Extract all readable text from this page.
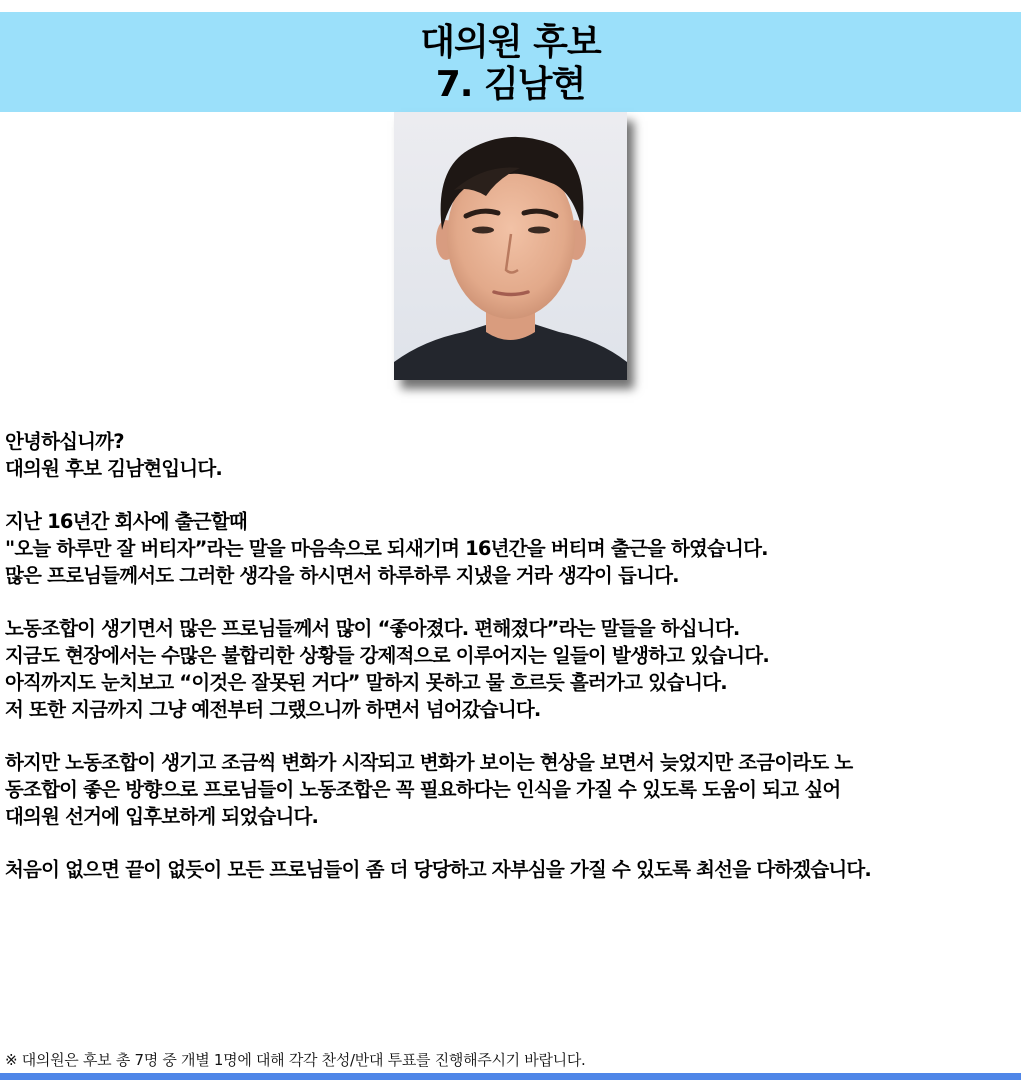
대의원 후보
7. 김남현
안녕하십니까?
대의원 후보 김남현입니다.
지난 16년간 회사에 출근할때
"오늘 하루만 잘 버티자”라는 말을 마음속으로 되새기며 16년간을 버티며 출근을 하였습니다.
많은 프로님들께서도 그러한 생각을 하시면서 하루하루 지냈을 거라 생각이 듭니다.
노동조합이 생기면서 많은 프로님들께서 많이 “좋아졌다. 편해졌다”라는 말들을 하십니다.
지금도 현장에서는 수많은 불합리한 상황들 강제적으로 이루어지는 일들이 발생하고 있습니다.
아직까지도 눈치보고 “이것은 잘못된 거다” 말하지 못하고 물 흐르듯 흘러가고 있습니다.
저 또한 지금까지 그냥 예전부터 그랬으니까 하면서 넘어갔습니다.
하지만 노동조합이 생기고 조금씩 변화가 시작되고 변화가 보이는 현상을 보면서 늦었지만 조금이라도 노
동조합이 좋은 방향으로 프로님들이 노동조합은 꼭 필요하다는 인식을 가질 수 있도록 도움이 되고 싶어
대의원 선거에 입후보하게 되었습니다.
처음이 없으면 끝이 없듯이 모든 프로님들이 좀 더 당당하고 자부심을 가질 수 있도록 최선을 다하겠습니다.
※ 대의원은 후보 총 7명 중 개별 1명에 대해 각각 찬성/반대 투표를 진행해주시기 바랍니다.
